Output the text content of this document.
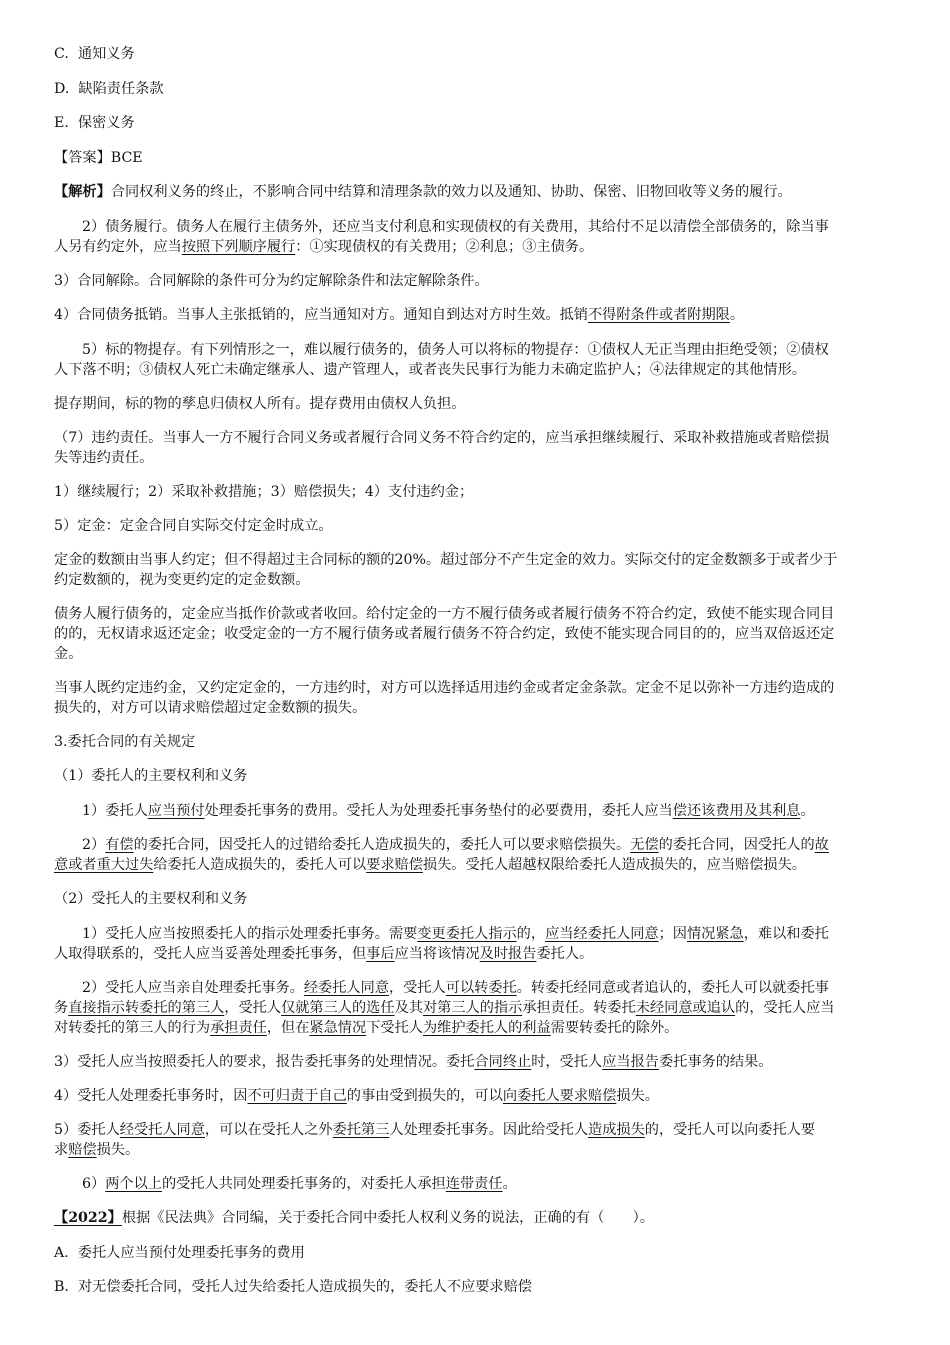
C. 通知义务
D. 缺陷责任条款
E. 保密义务
【答案】BCE
【解析】合同权利义务的终止，不影响合同中结算和清理条款的效力以及通知、协助、保密、旧物回收等义务的履行。
2）债务履行。债务人在履行主债务外，还应当支付利息和实现债权的有关费用，其给付不足以清偿全部债务的，除当事
人另有约定外，应当按照下列顺序履行：①实现债权的有关费用；②利息；③主债务。
3）合同解除。合同解除的条件可分为约定解除条件和法定解除条件。
4）合同债务抵销。当事人主张抵销的，应当通知对方。通知自到达对方时生效。抵销不得附条件或者附期限。
5）标的物提存。有下列情形之一，难以履行债务的，债务人可以将标的物提存：①债权人无正当理由拒绝受领；②债权
人下落不明；③债权人死亡未确定继承人、遗产管理人，或者丧失民事行为能力未确定监护人；④法律规定的其他情形。
提存期间，标的物的孳息归债权人所有。提存费用由债权人负担。
（7）违约责任。当事人一方不履行合同义务或者履行合同义务不符合约定的，应当承担继续履行、采取补救措施或者赔偿损
失等违约责任。
1）继续履行；2）采取补救措施；3）赔偿损失；4）支付违约金；
5）定金：定金合同自实际交付定金时成立。
定金的数额由当事人约定；但不得超过主合同标的额的20%。超过部分不产生定金的效力。实际交付的定金数额多于或者少于
约定数额的，视为变更约定的定金数额。
债务人履行债务的，定金应当抵作价款或者收回。给付定金的一方不履行债务或者履行债务不符合约定，致使不能实现合同目
的的，无权请求返还定金；收受定金的一方不履行债务或者履行债务不符合约定，致使不能实现合同目的的，应当双倍返还定
金。
当事人既约定违约金，又约定定金的，一方违约时，对方可以选择适用违约金或者定金条款。定金不足以弥补一方违约造成的
损失的，对方可以请求赔偿超过定金数额的损失。
3.委托合同的有关规定
（1）委托人的主要权利和义务
1）委托人应当预付处理委托事务的费用。受托人为处理委托事务垫付的必要费用，委托人应当偿还该费用及其利息。
2）有偿的委托合同，因受托人的过错给委托人造成损失的，委托人可以要求赔偿损失。无偿的委托合同，因受托人的故
意或者重大过失给委托人造成损失的，委托人可以要求赔偿损失。受托人超越权限给委托人造成损失的，应当赔偿损失。
（2）受托人的主要权利和义务
1）受托人应当按照委托人的指示处理委托事务。需要变更委托人指示的，应当经委托人同意；因情况紧急，难以和委托
人取得联系的，受托人应当妥善处理委托事务，但事后应当将该情况及时报告委托人。
2）受托人应当亲自处理委托事务。经委托人同意，受托人可以转委托。转委托经同意或者追认的，委托人可以就委托事
务直接指示转委托的第三人，受托人仅就第三人的选任及其对第三人的指示承担责任。转委托未经同意或追认的，受托人应当
对转委托的第三人的行为承担责任，但在紧急情况下受托人为维护委托人的利益需要转委托的除外。
3）受托人应当按照委托人的要求，报告委托事务的处理情况。委托合同终止时，受托人应当报告委托事务的结果。
4）受托人处理委托事务时，因不可归责于自己的事由受到损失的，可以向委托人要求赔偿损失。
5）委托人经受托人同意，可以在受托人之外委托第三人处理委托事务。因此给受托人造成损失的，受托人可以向委托人要
求赔偿损失。
6）两个以上的受托人共同处理委托事务的，对委托人承担连带责任。
【2022】根据《民法典》合同编，关于委托合同中委托人权利义务的说法，正确的有（　　）。
A. 委托人应当预付处理委托事务的费用
B. 对无偿委托合同，受托人过失给委托人造成损失的，委托人不应要求赔偿
